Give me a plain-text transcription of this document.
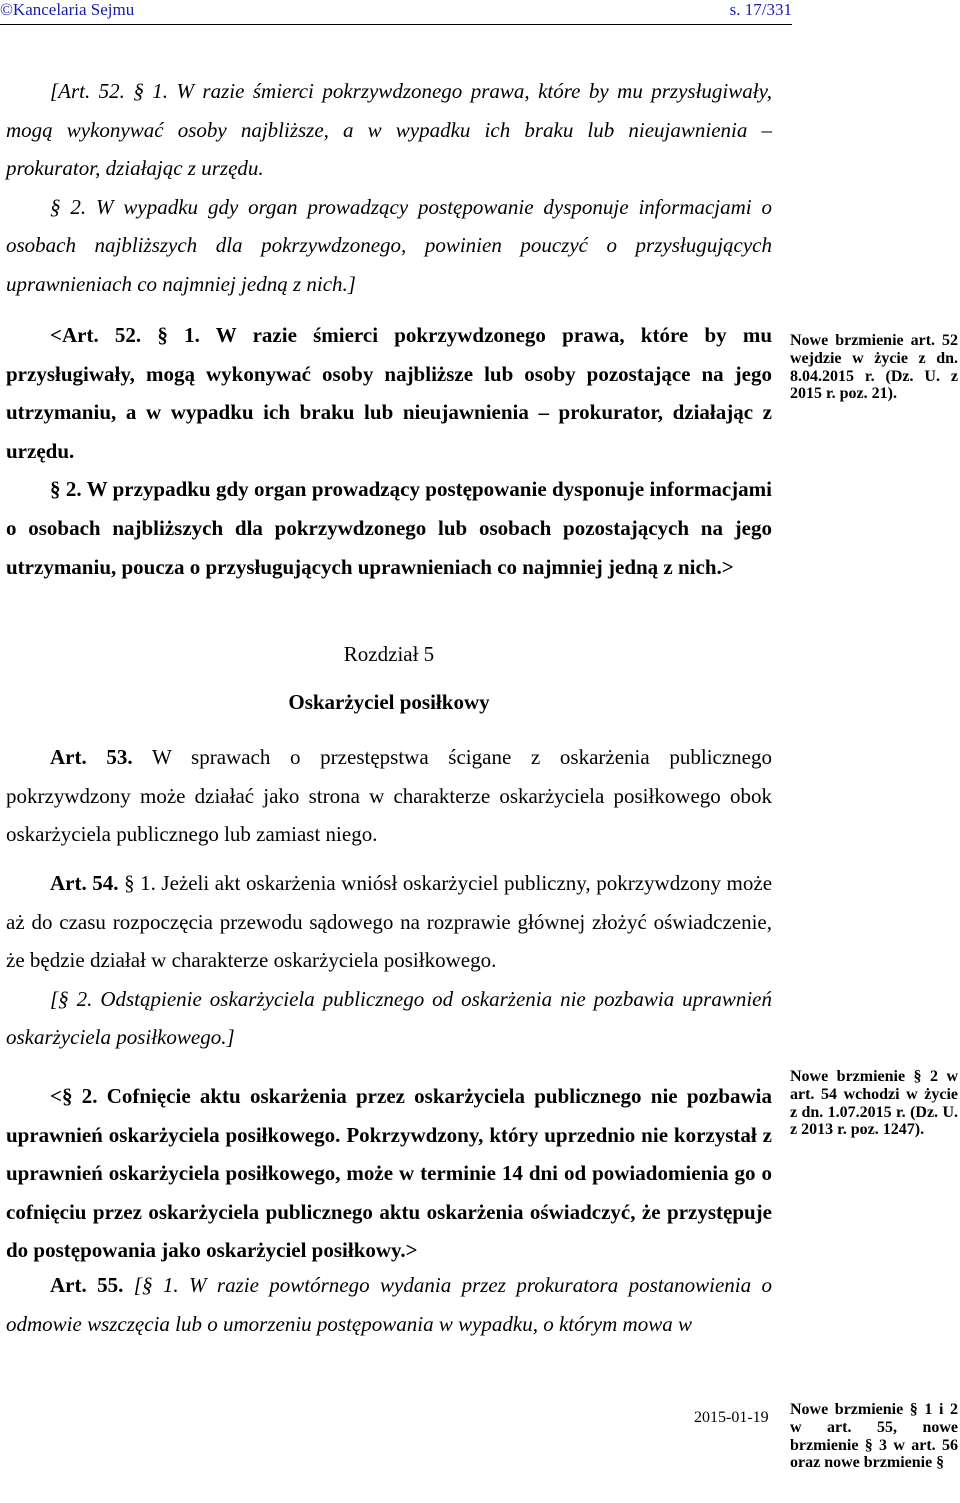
©Kancelaria Sejmu	s. 17/331

[Art. 52. § 1. W razie śmierci pokrzywdzonego prawa, które by mu przysługiwały, mogą wykonywać osoby najbliższe, a w wypadku ich braku lub nieujawnienia – prokurator, działając z urzędu.

§ 2. W wypadku gdy organ prowadzący postępowanie dysponuje informacjami o osobach najbliższych dla pokrzywdzonego, powinien pouczyć o przysługujących uprawnieniach co najmniej jedną z nich.]

<Art. 52. § 1. W razie śmierci pokrzywdzonego prawa, które by mu przysługiwały, mogą wykonywać osoby najbliższe lub osoby pozostające na jego utrzymaniu, a w wypadku ich braku lub nieujawnienia – prokurator, działając z urzędu.

§ 2. W przypadku gdy organ prowadzący postępowanie dysponuje informacjami o osobach najbliższych dla pokrzywdzonego lub osobach pozostających na jego utrzymaniu, poucza o przysługujących uprawnieniach co najmniej jedną z nich.>

Nowe brzmienie art. 52 wejdzie w życie z dn. 8.04.2015 r. (Dz. U. z 2015 r. poz. 21).
Rozdział 5
Oskarżyciel posiłkowy

Art. 53. W sprawach o przestępstwa ścigane z oskarżenia publicznego pokrzywdzony może działać jako strona w charakterze oskarżyciela posiłkowego obok oskarżyciela publicznego lub zamiast niego.

Art. 54. § 1. Jeżeli akt oskarżenia wniósł oskarżyciel publiczny, pokrzywdzony może aż do czasu rozpoczęcia przewodu sądowego na rozprawie głównej złożyć oświadczenie, że będzie działał w charakterze oskarżyciela posiłkowego.

[§ 2. Odstąpienie oskarżyciela publicznego od oskarżenia nie pozbawia uprawnień oskarżyciela posiłkowego.]

<§ 2. Cofnięcie aktu oskarżenia przez oskarżyciela publicznego nie pozbawia uprawnień oskarżyciela posiłkowego. Pokrzywdzony, który uprzednio nie korzystał z uprawnień oskarżyciela posiłkowego, może w terminie 14 dni od powiadomienia go o cofnięciu przez oskarżyciela publicznego aktu oskarżenia oświadczyć, że przystępuje do postępowania jako oskarżyciel posiłkowy.>

Nowe brzmienie § 2 w art. 54 wchodzi w życie z dn. 1.07.2015 r. (Dz. U. z 2013 r. poz. 1247).

Art. 55. [§ 1. W razie powtórnego wydania przez prokuratora postanowienia o odmowie wszczęcia lub o umorzeniu postępowania w wypadku, o którym mowa w

2015-01-19 Nowe brzmienie § 1 i 2 w art. 55, nowe brzmienie § 3 w art. 56 oraz nowe brzmienie §
